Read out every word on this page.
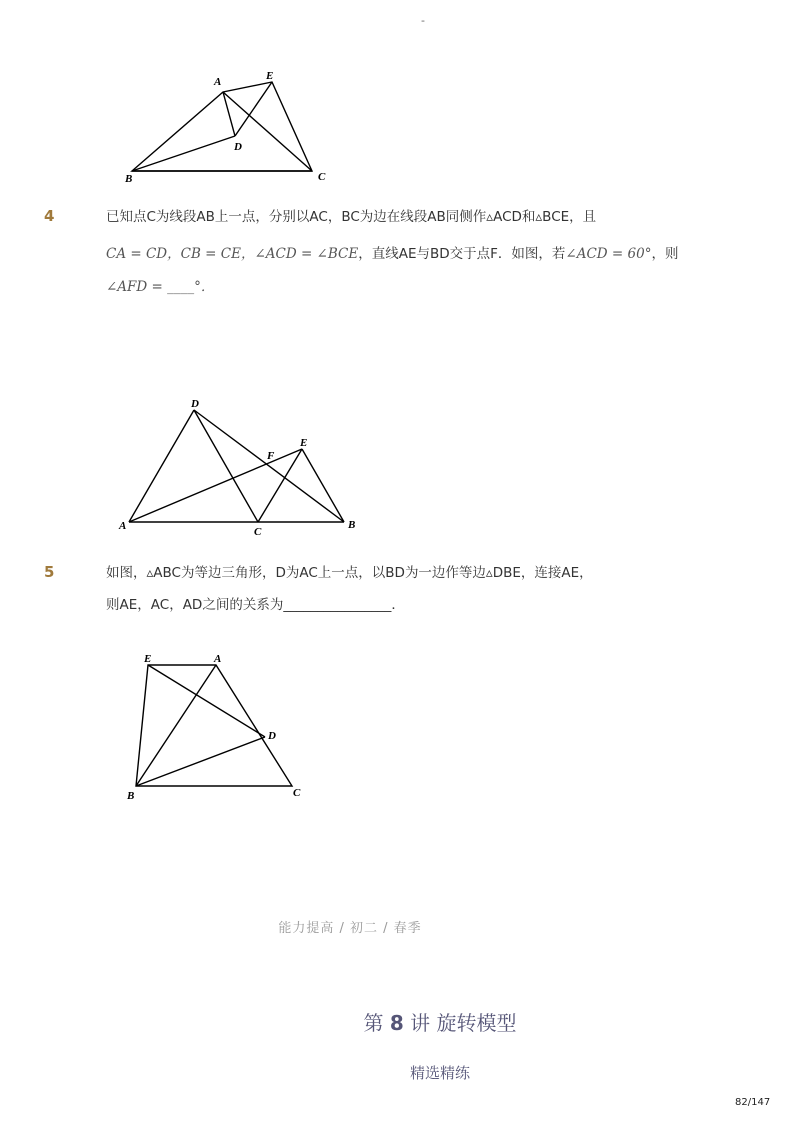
-
A	E
D
B	C
4	已知点C为线段AB上一点，分别以AC，BC为边在线段AB同侧作▵ACD和▵BCE，且
CA = CD，CB = CE，∠ACD = ∠BCE，直线AE与BD交于点F．如图，若∠ACD = 60°，则
∠AFD = ____°．
D
E
F
A	C
B
5	如图，▵ABC为等边三角形，D为AC上一点，以BD为一边作等边▵DBE，连接AE，
则AE，AC，AD之间的关系为________________．
E	A
D
B	C
能力提高 / 初二 / 春季
第 8 讲 旋转模型
精选精练
82/147
